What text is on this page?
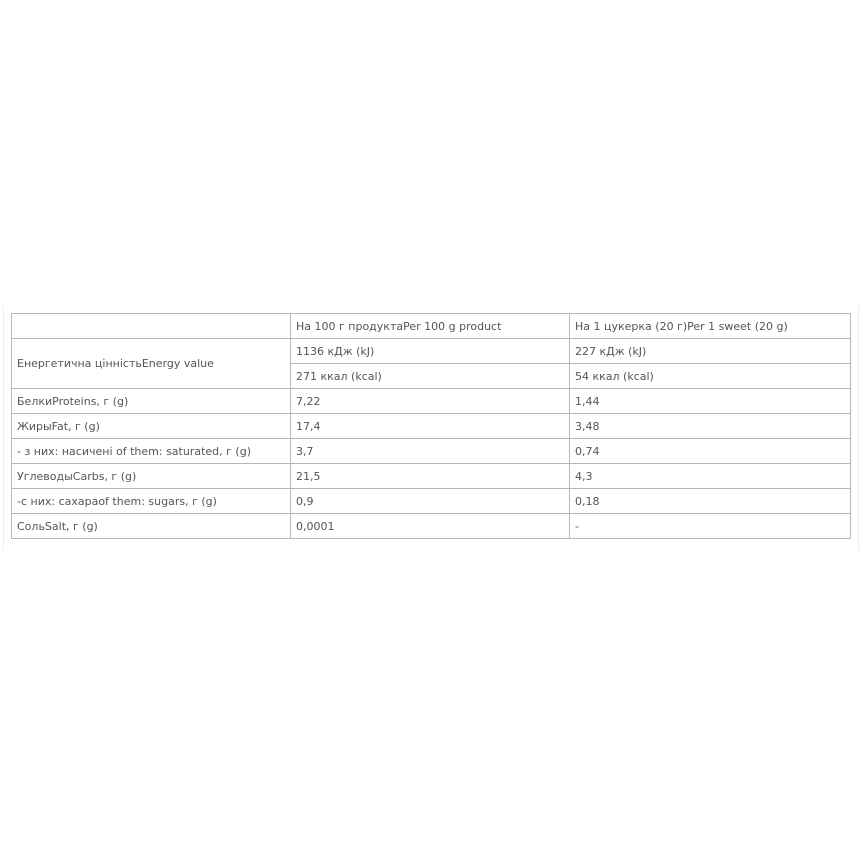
	На 100 г продуктаPer 100 g product	На 1 цукерка (20 г)Per 1 sweet (20 g)
Енергетична цінністьEnergy value	1136 кДж (kJ)	227 кДж (kJ)
	271 ккал (kcal)	54 ккал (kcal)
БелкиProteins, г (g)	7,22	1,44
ЖирыFat, г (g)	17,4	3,48
- з них: насичені of them: saturated, г (g)	3,7	0,74
УглеводыCarbs, г (g)	21,5	4,3
-с них: сахараof them: sugars, г (g)	0,9	0,18
СольSalt, г (g)	0,0001	-
